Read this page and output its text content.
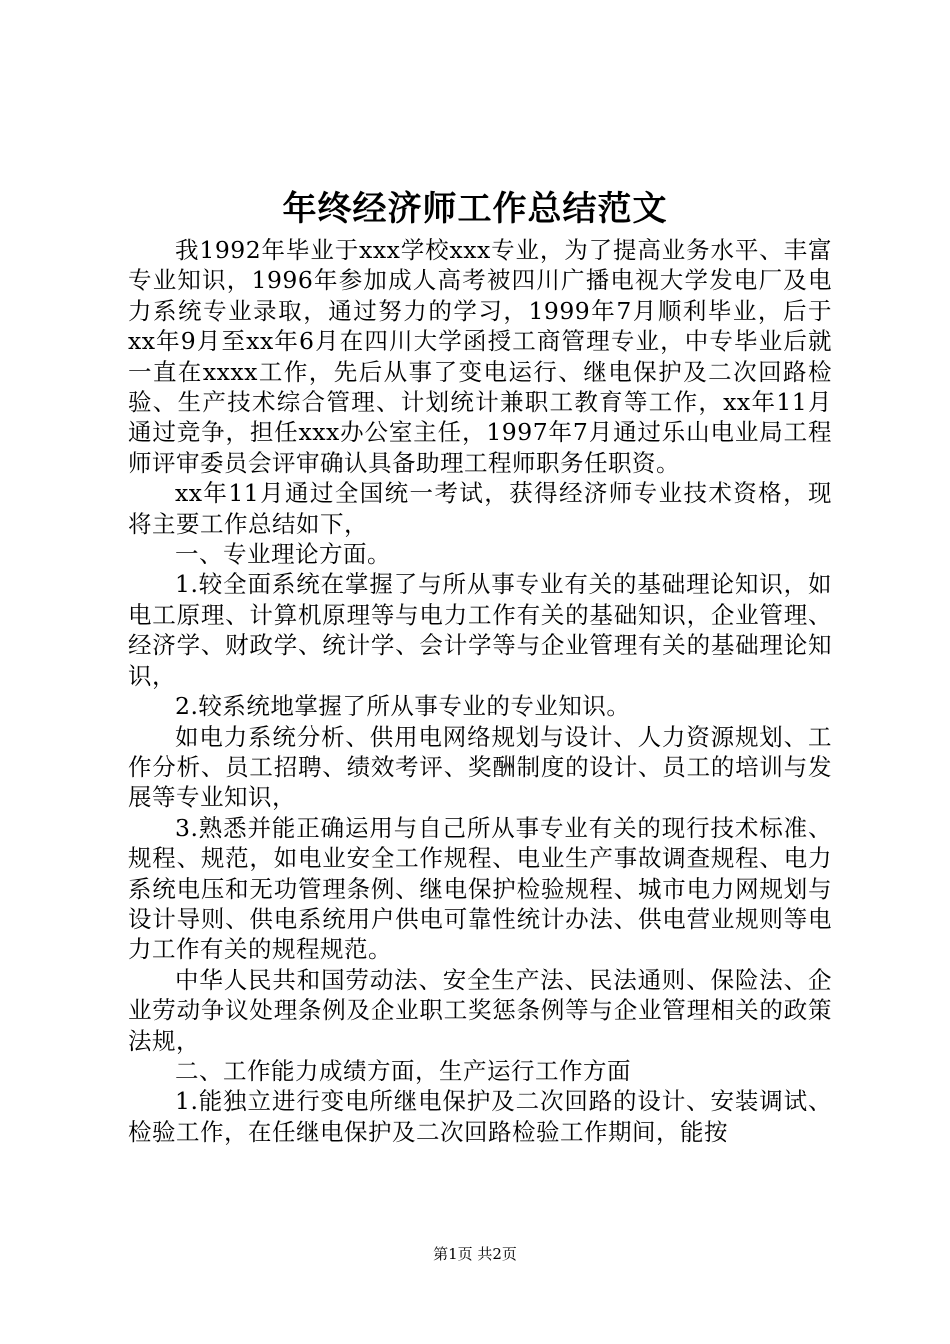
年终经济师工作总结范文

我1992年毕业于xxx学校xxx专业，为了提高业务水平、丰富专业知识，1996年参加成人高考被四川广播电视大学发电厂及电力系统专业录取，通过努力的学习，1999年7月顺利毕业，后于xx年9月至xx年6月在四川大学函授工商管理专业，中专毕业后就一直在xxxx工作，先后从事了变电运行、继电保护及二次回路检验、生产技术综合管理、计划统计兼职工教育等工作，xx年11月通过竞争，担任xxx办公室主任，1997年7月通过乐山电业局工程师评审委员会评审确认具备助理工程师职务任职资。

xx年11月通过全国统一考试，获得经济师专业技术资格，现将主要工作总结如下，

一、专业理论方面。

1.较全面系统在掌握了与所从事专业有关的基础理论知识，如电工原理、计算机原理等与电力工作有关的基础知识，企业管理、经济学、财政学、统计学、会计学等与企业管理有关的基础理论知识，

2.较系统地掌握了所从事专业的专业知识。

如电力系统分析、供用电网络规划与设计、人力资源规划、工作分析、员工招聘、绩效考评、奖酬制度的设计、员工的培训与发展等专业知识，

3.熟悉并能正确运用与自己所从事专业有关的现行技术标准、规程、规范，如电业安全工作规程、电业生产事故调查规程、电力系统电压和无功管理条例、继电保护检验规程、城市电力网规划与设计导则、供电系统用户供电可靠性统计办法、供电营业规则等电力工作有关的规程规范。

中华人民共和国劳动法、安全生产法、民法通则、保险法、企业劳动争议处理条例及企业职工奖惩条例等与企业管理相关的政策法规，

二、工作能力成绩方面，生产运行工作方面

1.能独立进行变电所继电保护及二次回路的设计、安装调试、检验工作，在任继电保护及二次回路检验工作期间，能按

第1页 共2页
